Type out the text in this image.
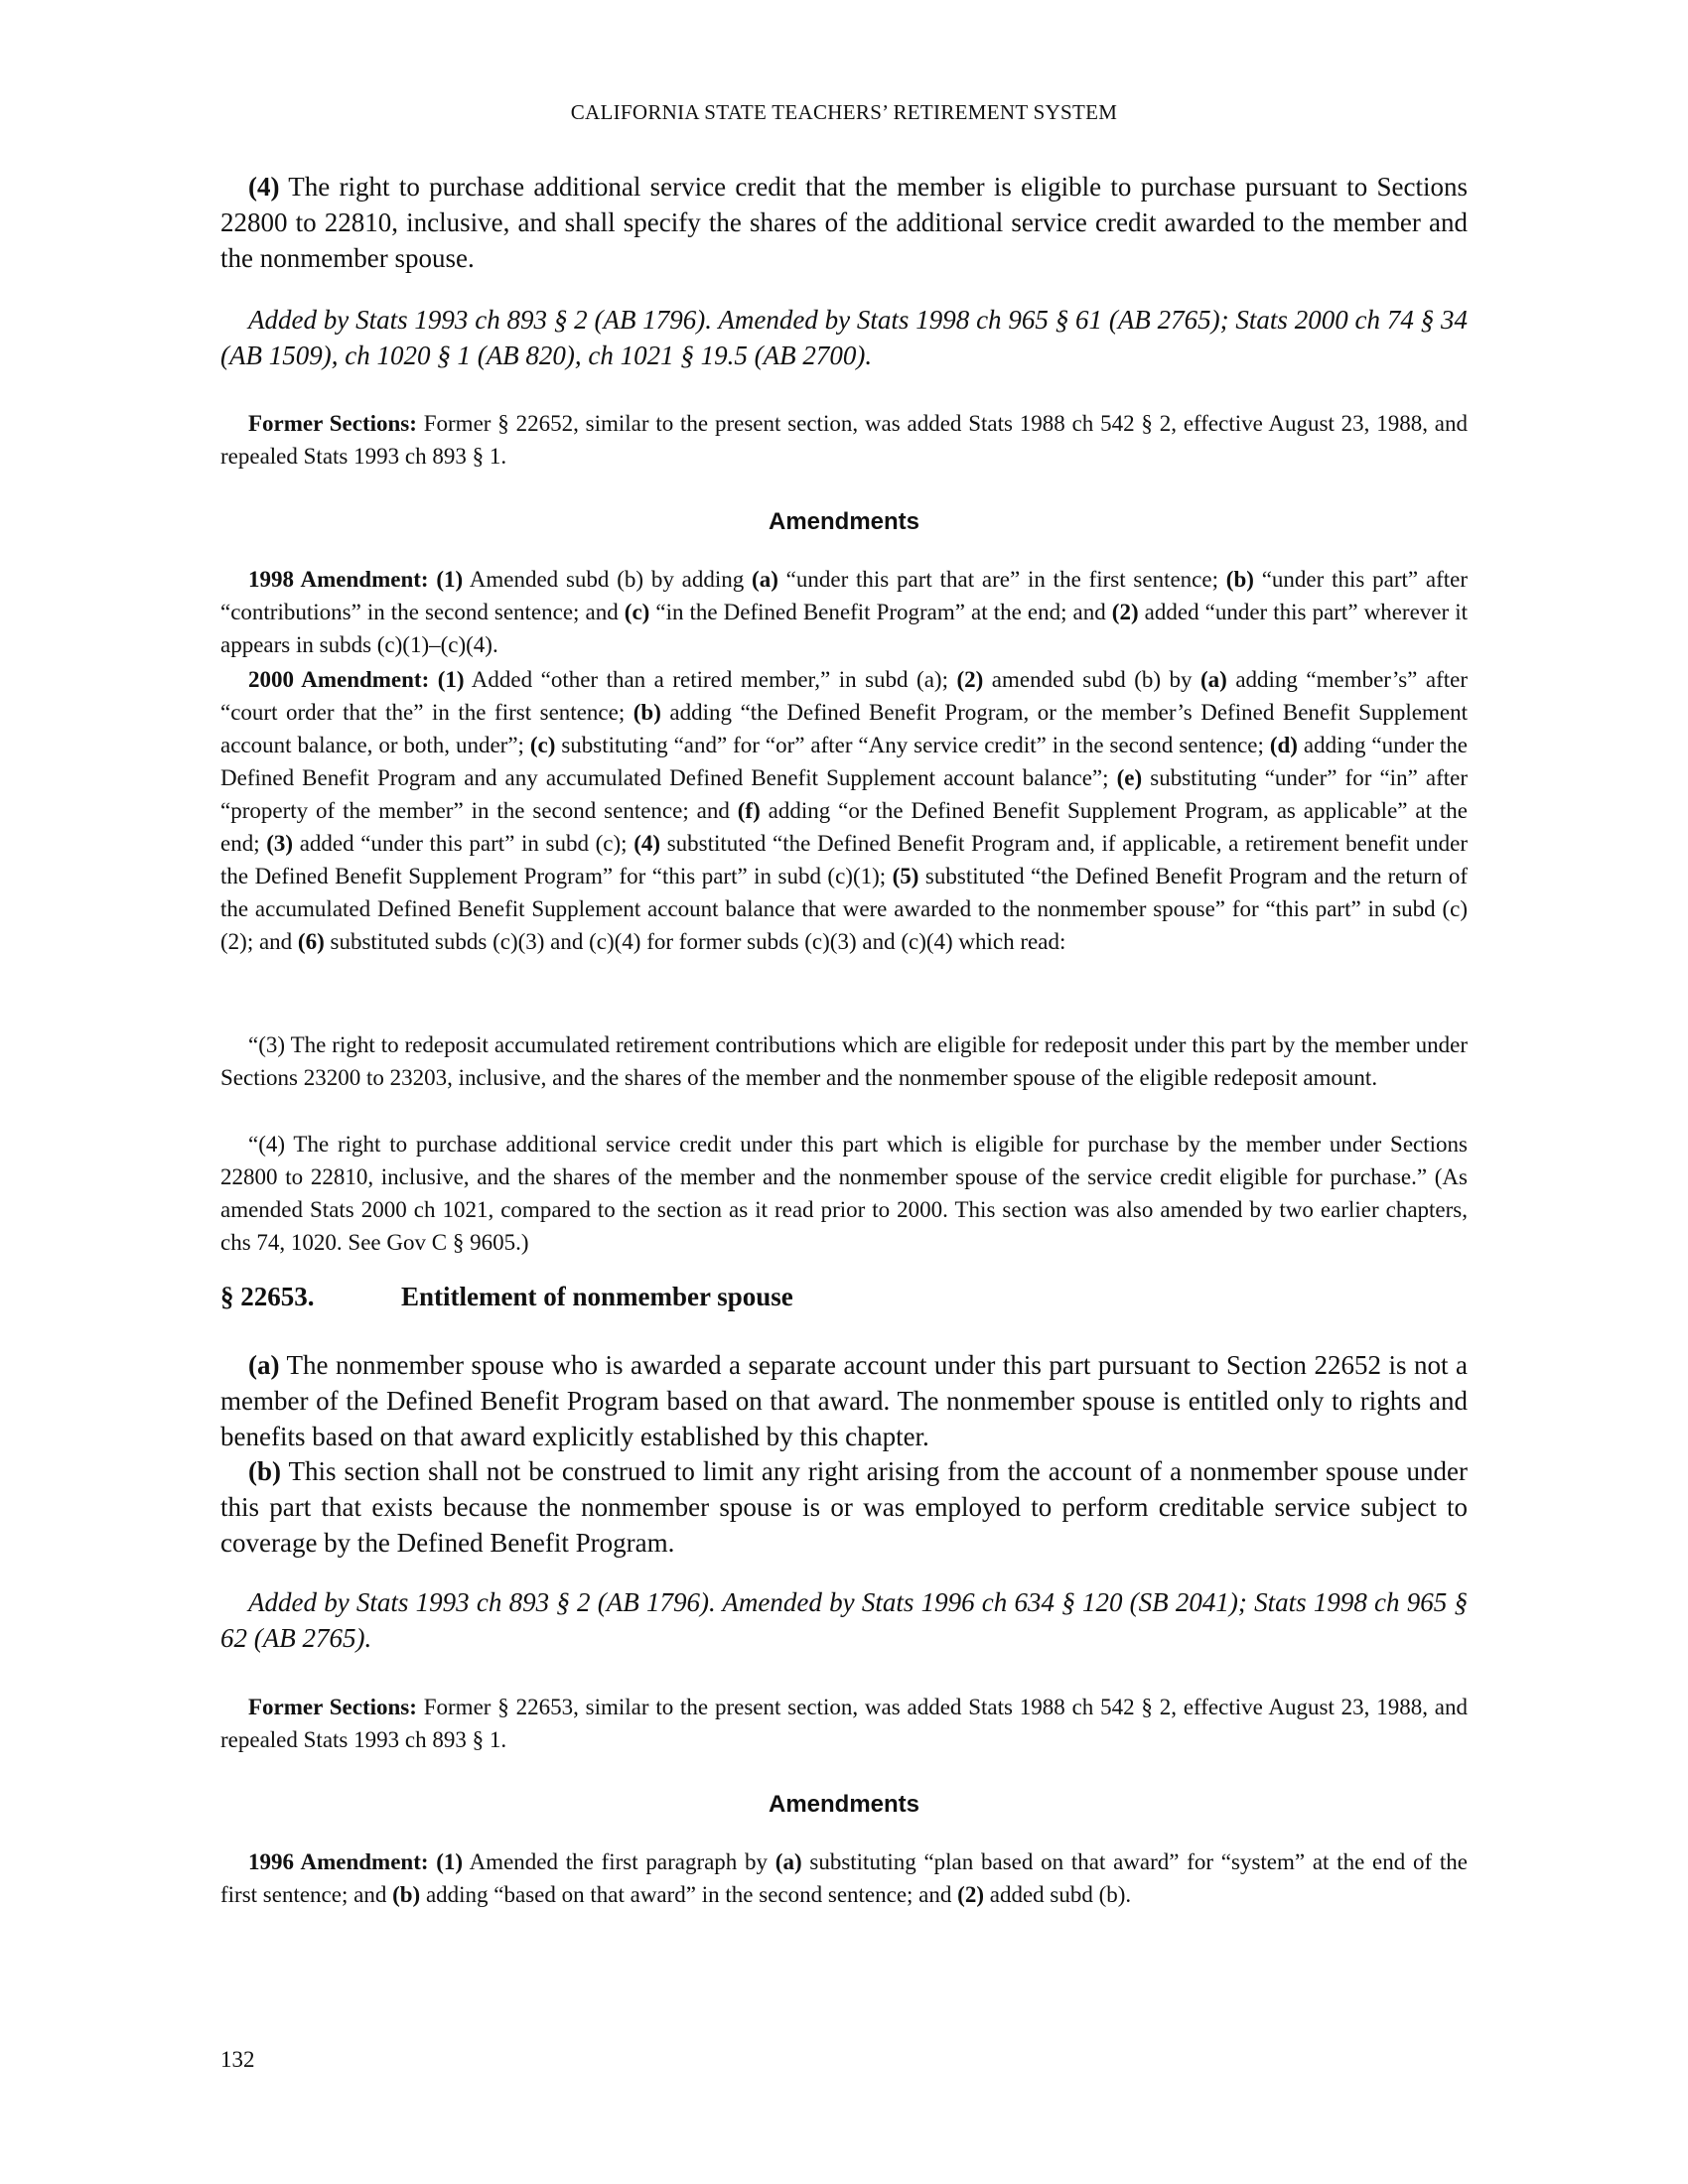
CALIFORNIA STATE TEACHERS’ RETIREMENT SYSTEM

(4) The right to purchase additional service credit that the member is eligible to purchase pursuant to Sections 22800 to 22810, inclusive, and shall specify the shares of the additional service credit awarded to the member and the nonmember spouse.

Added by Stats 1993 ch 893 § 2 (AB 1796). Amended by Stats 1998 ch 965 § 61 (AB 2765); Stats 2000 ch 74 § 34 (AB 1509), ch 1020 § 1 (AB 820), ch 1021 § 19.5 (AB 2700).

Former Sections: Former § 22652, similar to the present section, was added Stats 1988 ch 542 § 2, effective August 23, 1988, and repealed Stats 1993 ch 893 § 1.

Amendments

1998 Amendment: (1) Amended subd (b) by adding (a) “under this part that are” in the first sentence; (b) “under this part” after “contributions” in the second sentence; and (c) “in the Defined Benefit Program” at the end; and (2) added “under this part” wherever it appears in subds (c)(1)–(c)(4).

2000 Amendment: (1) Added “other than a retired member,” in subd (a); (2) amended subd (b) by (a) adding “member’s” after “court order that the” in the first sentence; (b) adding “the Defined Benefit Program, or the member’s Defined Benefit Supplement account balance, or both, under”; (c) substituting “and” for “or” after “Any service credit” in the second sentence; (d) adding “under the Defined Benefit Program and any accumulated Defined Benefit Supplement account balance”; (e) substituting “under” for “in” after “property of the member” in the second sentence; and (f) adding “or the Defined Benefit Supplement Program, as applicable” at the end; (3) added “under this part” in subd (c); (4) substituted “the Defined Benefit Program and, if applicable, a retirement benefit under the Defined Benefit Supplement Program” for “this part” in subd (c)(1); (5) substituted “the Defined Benefit Program and the return of the accumulated Defined Benefit Supplement account balance that were awarded to the nonmember spouse” for “this part” in subd (c)(2); and (6) substituted subds (c)(3) and (c)(4) for former subds (c)(3) and (c)(4) which read:

“(3) The right to redeposit accumulated retirement contributions which are eligible for redeposit under this part by the member under Sections 23200 to 23203, inclusive, and the shares of the member and the nonmember spouse of the eligible redeposit amount.

“(4) The right to purchase additional service credit under this part which is eligible for purchase by the member under Sections 22800 to 22810, inclusive, and the shares of the member and the nonmember spouse of the service credit eligible for purchase.” (As amended Stats 2000 ch 1021, compared to the section as it read prior to 2000. This section was also amended by two earlier chapters, chs 74, 1020. See Gov C § 9605.)

§ 22653.	Entitlement of nonmember spouse

(a) The nonmember spouse who is awarded a separate account under this part pursuant to Section 22652 is not a member of the Defined Benefit Program based on that award. The nonmember spouse is entitled only to rights and benefits based on that award explicitly established by this chapter.

(b) This section shall not be construed to limit any right arising from the account of a nonmember spouse under this part that exists because the nonmember spouse is or was employed to perform creditable service subject to coverage by the Defined Benefit Program.

Added by Stats 1993 ch 893 § 2 (AB 1796). Amended by Stats 1996 ch 634 § 120 (SB 2041); Stats 1998 ch 965 § 62 (AB 2765).

Former Sections: Former § 22653, similar to the present section, was added Stats 1988 ch 542 § 2, effective August 23, 1988, and repealed Stats 1993 ch 893 § 1.

Amendments

1996 Amendment: (1) Amended the first paragraph by (a) substituting “plan based on that award” for “system” at the end of the first sentence; and (b) adding “based on that award” in the second sentence; and (2) added subd (b).

132
